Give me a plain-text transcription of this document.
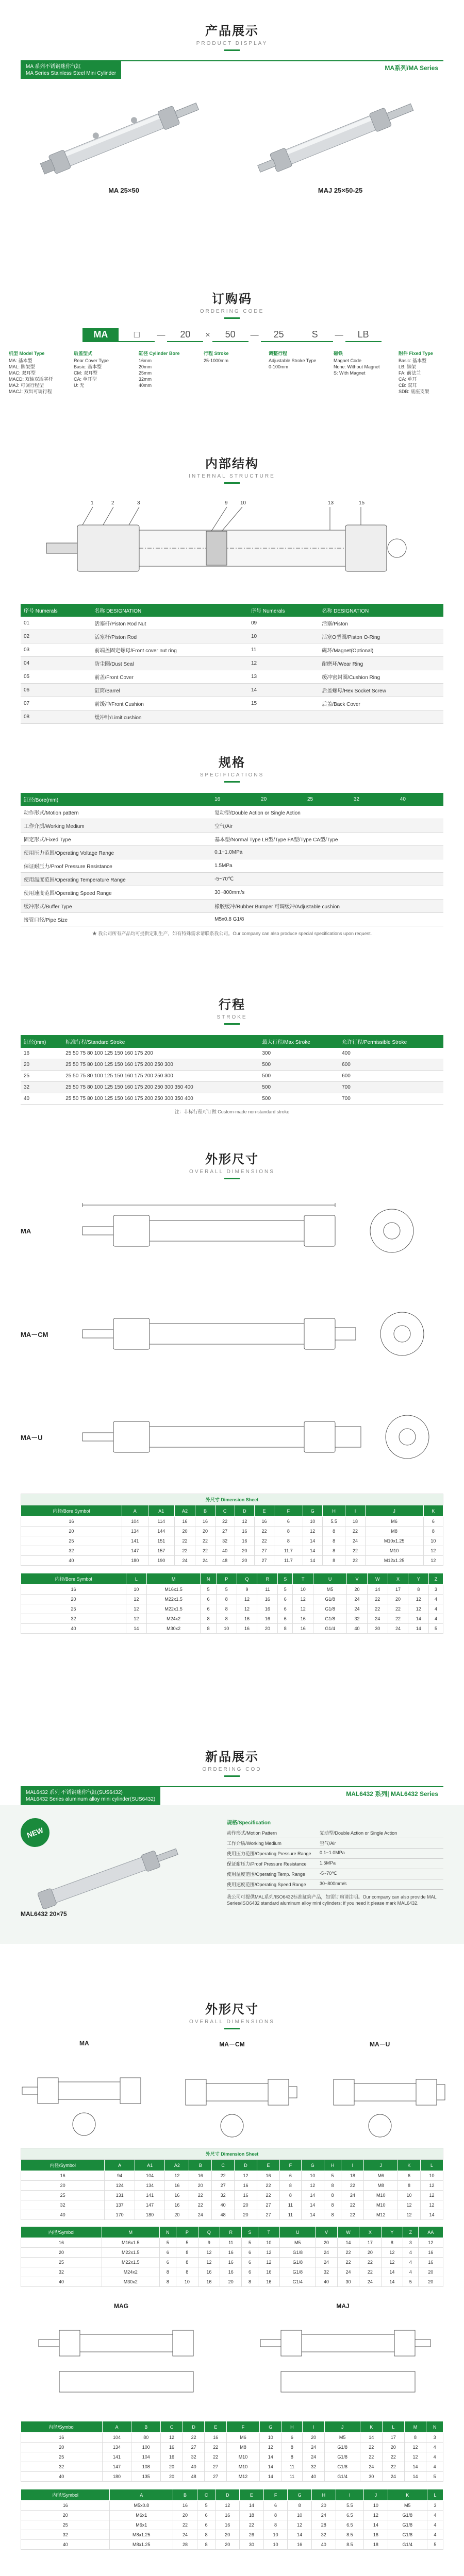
产品展示
PRODUCT DISPLAY
MA 系列不锈钢迷你气缸
MA Series Stainless Steel Mini Cylinder
MA系列/MA Series
MA 25×50	MAJ 25×50-25
订购码
ORDERING CODE
MA	□	—	20	×	50	—	25	S	—	LB
机型 Model Type
MA: 基本型
MAL: 脚架型
MAC: 双耳型
MACD: 双轴双活塞杆
MAJ: 可调行程型
MACJ: 双出可调行程
后盖型式
Rear Cover Type
Basic: 基本型
CM: 双耳型
CA: 单耳型
U: 无
缸径 Cylinder Bore
16mm
20mm
25mm
32mm
40mm
行程 Stroke
25-1000mm
调整行程
Adjustable Stroke Type
0-100mm
磁铁
Magnet Code
None: Without Magnet
S: With Magnet
附件 Fixed Type
Basic: 基本型
LB: 脚架
FA: 前法兰
CA: 单耳
CB: 双耳
SDB: 底座支架
内部结构
INTERNAL STRUCTURE
1	2	3	9 10	13	15
序号 Numerals	名称 DESIGNATION	序号 Numerals	名称 DESIGNATION
01	活塞杆/Piston Rod Nut	09	活塞/Piston
02	活塞杆/Piston Rod	10	活塞O型圈/Piston O-Ring
03	前端盖固定螺母/Front cover nut ring	11	磁环/Magnet(Optional)
04	防尘圈/Dust Seal	12	耐磨环/Wear Ring
05	前盖/Front Cover	13	缓冲密封圈/Cushion Ring
06	缸筒/Barrel	14	后盖螺母/Hex Socket Screw
07	前缓冲/Front Cushion	15	后盖/Back Cover
08	缓冲针/Limit cushion		
规格
SPECIFICATIONS
缸径/Bore(mm)	16	20	25	32	40
动作形式/Motion pattern	复动型/Double Action or Single Action				
工作介质/Working Medium	空气/Air				
固定形式/Fixed Type	基本型/Normal Type LB型/Type FA型/Type CA型/Type				
使用压力范围/Operating Voltage Range	0.1~1.0MPa				
保证耐压力/Proof Pressure Resistance	1.5MPa				
使用温度范围/Operating Temperature Range	-5~70℃				
使用速度范围/Operating Speed Range	30~800mm/s				
缓冲形式/Buffer Type	橡胶缓冲/Rubber Bumper 可调缓冲/Adjustable cushion				
接管口径/Pipe Size	M5x0.8 G1/8				
★ 我公司所有产品均可提供定制生产，如有特殊需求请联系我公司。Our company can also produce special specifications upon request.
行程
STROKE
缸径(mm)	标准行程/Standard Stroke	最大行程/Max Stroke	允许行程/Permissible Stroke
16	25 50 75 80 100 125 150 160 175 200	300	400
20	25 50 75 80 100 125 150 160 175 200 250 300	500	600
25	25 50 75 80 100 125 150 160 175 200 250 300	500	600
32	25 50 75 80 100 125 150 160 175 200 250 300 350 400	500	700
40	25 50 75 80 100 125 150 160 175 200 250 300 350 400	500	700
注：非标行程可订做 Custom-made non-standard stroke
外形尺寸
OVERALL DIMENSIONS
MA
MA－CM
MA－U
外尺寸 Dimension Sheet													
内径/Bore Symbol	A	A1	A2	B	C	D	E	F	G	H	I	J	K
16	104	114	16	16	22	12	16	6	10	5.5	18	M6	6
20	134	144	20	20	27	16	22	8	12	8	22	M8	8
25	141	151	22	22	32	16	22	8	14	8	24	M10x1.25	10
32	147	157	22	22	40	20	27	11.7	14	8	22	M10	12
40	180	190	24	24	48	20	27	11.7	14	8	22	M12x1.25	12
内径/Bore Symbol	L	M	N	P	Q	R	S	T	U	V	W	X	Y	Z
16	10	M16x1.5	5	5	9	11	5	10	M5	20	14	17	8	3
20	12	M22x1.5	6	8	12	16	6	12	G1/8	24	22	20	12	4
25	12	M22x1.5	6	8	12	16	6	12	G1/8	24	22	22	12	4
32	12	M24x2	8	8	16	16	6	16	G1/8	32	24	22	14	4
40	14	M30x2	8	10	16	20	8	16	G1/4	40	30	24	14	5
新品展示
ORDERING COD
MAL6432 系列 不锈钢迷你气缸(SUS6432)
MAL6432 Series aluminum alloy mini cylinder(SUS6432)
MAL6432 系列| MAL6432 Series
NEW
MAL6432 20×75
规格/Specification
动作形式/Motion Pattern	复动型/Double Action or Single Action
工作介质/Working Medium	空气/Air
使用压力范围/Operating Pressure Range	0.1~1.0MPa
保证耐压力/Proof Pressure Resistance	1.5MPa
使用温度范围/Operating Temp. Range	-5~70℃
使用速度范围/Operating Speed Range	30~800mm/s
我公司可提供MAL系列/ISO6432标准缸筒产品，如需订购请注明。Our company can also provide MAL Series/ISO6432 standard aluminum alloy mini cylinders; if you need it please mark MAL6432.
外形尺寸
OVERALL DIMENSIONS
MA	MA－CM	MA－U
外尺寸 Dimension Sheet														
内径/Symbol	A	A1	A2	B	C	D	E	F	G	H	I	J	K	L
16	94	104	12	16	22	12	16	6	10	5	18	M6	6	10
20	124	134	16	20	27	16	22	8	12	8	22	M8	8	12
25	131	141	16	22	32	16	22	8	14	8	24	M10	10	12
32	137	147	16	22	40	20	27	11	14	8	22	M10	12	12
40	170	180	20	24	48	20	27	11	14	8	22	M12	12	14
内径/Symbol	M	N	P	Q	R	S	T	U	V	W	X	Y	Z	AA
16	M16x1.5	5	5	9	11	5	10	M5	20	14	17	8	3	12
20	M22x1.5	6	8	12	16	6	12	G1/8	24	22	20	12	4	16
25	M22x1.5	6	8	12	16	6	12	G1/8	24	22	22	12	4	16
32	M24x2	8	8	16	16	6	16	G1/8	32	24	22	14	4	20
40	M30x2	8	10	16	20	8	16	G1/4	40	30	24	14	5	20
MAG	MAJ
内径/Symbol	A	B	C	D	E	F	G	H	I	J	K	L	M	N
16	104	80	12	22	16	M6	10	6	20	M5	14	17	8	3
20	134	100	16	27	22	M8	12	8	24	G1/8	22	20	12	4
25	141	104	16	32	22	M10	14	8	24	G1/8	22	22	12	4
32	147	108	20	40	27	M10	14	11	32	G1/8	24	22	14	4
40	180	135	20	48	27	M12	14	11	40	G1/4	30	24	14	5
内径/Symbol	A	B	C	D	E	F	G	H	I	J	K	L
16	M5x0.8	16	5	12	14	6	8	20	5.5	10	M5	3
20	M6x1	20	6	16	18	8	10	24	6.5	12	G1/8	4
25	M6x1	22	6	16	22	8	12	28	6.5	14	G1/8	4
32	M8x1.25	24	8	20	26	10	14	32	8.5	16	G1/8	4
40	M8x1.25	28	8	20	30	10	16	40	8.5	18	G1/4	5
